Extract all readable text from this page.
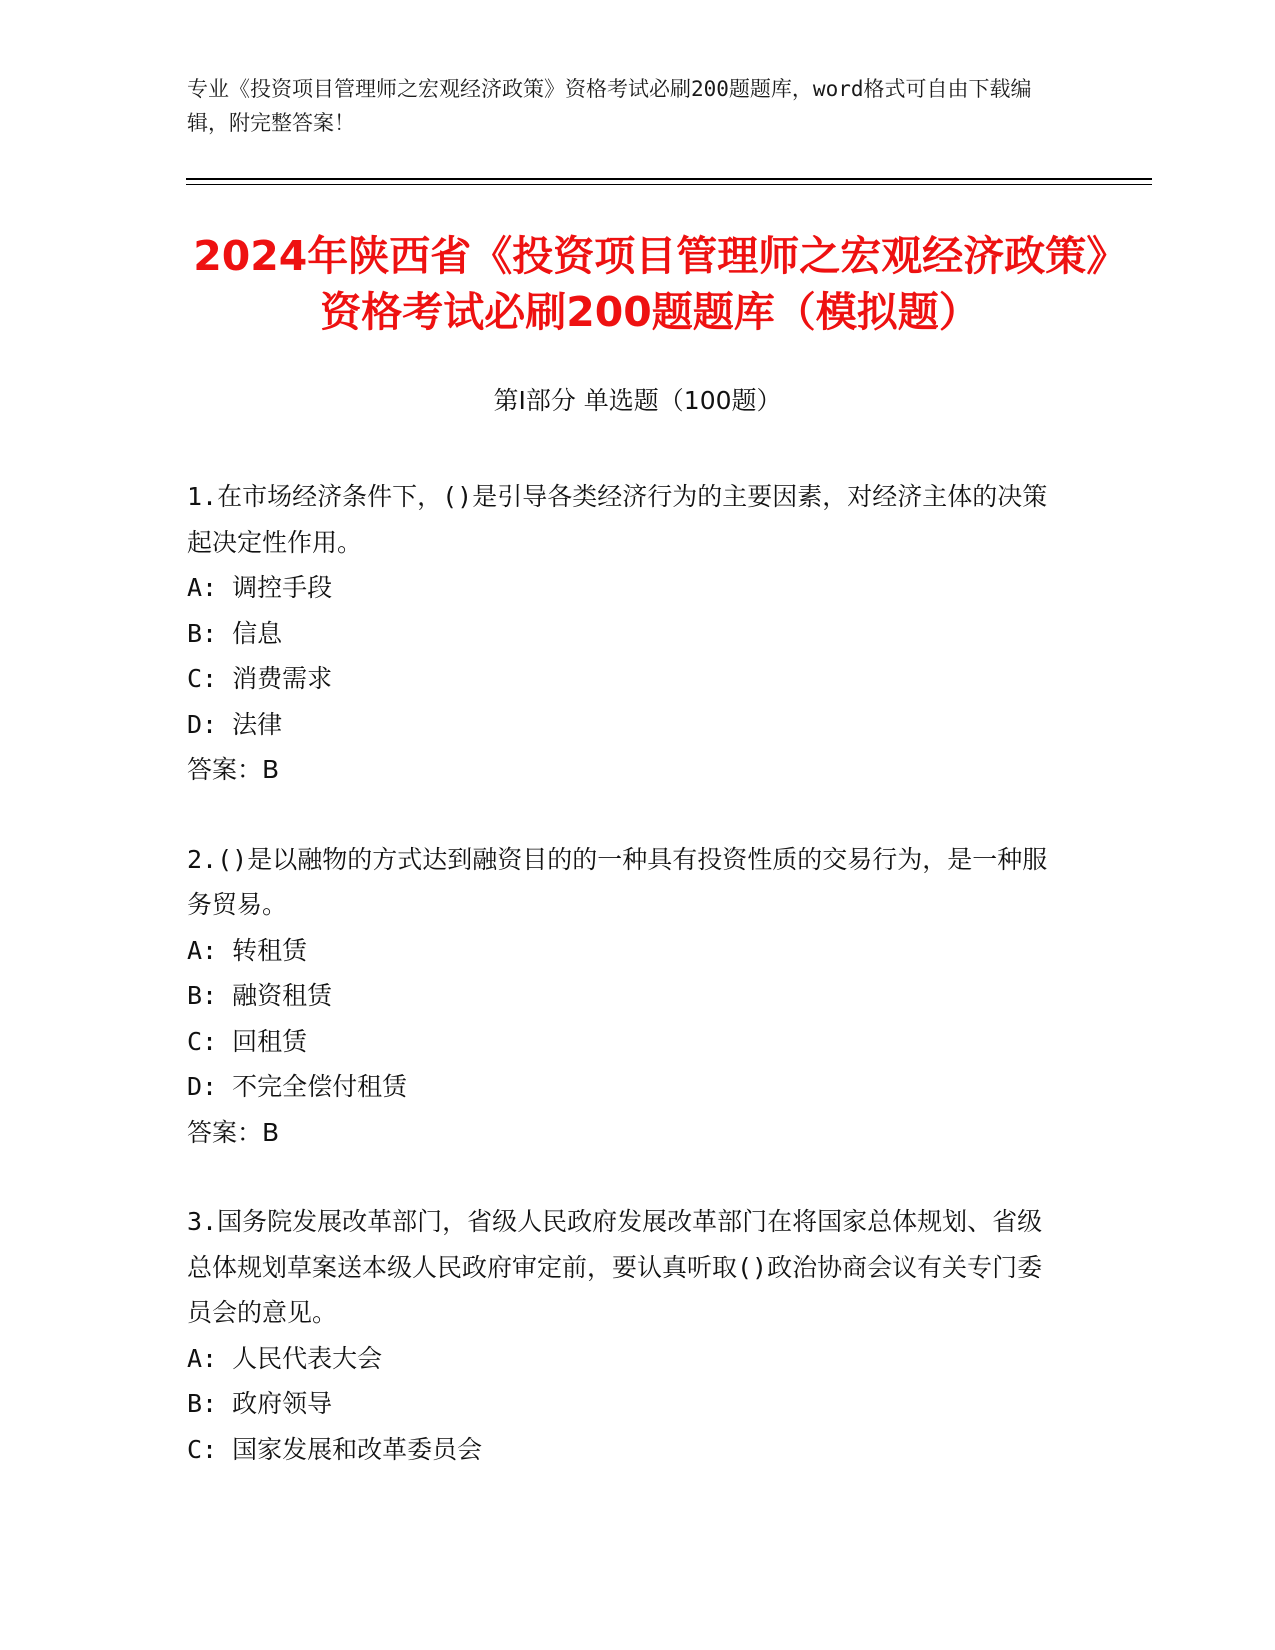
专业《投资项目管理师之宏观经济政策》资格考试必刷200题题库，word格式可自由下载编辑，附完整答案！
2024年陕西省《投资项目管理师之宏观经济政策》资格考试必刷200题题库（模拟题）
第Ⅰ部分 单选题（100题）
1.在市场经济条件下，()是引导各类经济行为的主要因素，对经济主体的决策起决定性作用。
A: 调控手段
B: 信息
C: 消费需求
D: 法律
答案：B
2.()是以融物的方式达到融资目的的一种具有投资性质的交易行为，是一种服务贸易。
A: 转租赁
B: 融资租赁
C: 回租赁
D: 不完全偿付租赁
答案：B
3.国务院发展改革部门，省级人民政府发展改革部门在将国家总体规划、省级总体规划草案送本级人民政府审定前，要认真听取()政治协商会议有关专门委员会的意见。
A: 人民代表大会
B: 政府领导
C: 国家发展和改革委员会
